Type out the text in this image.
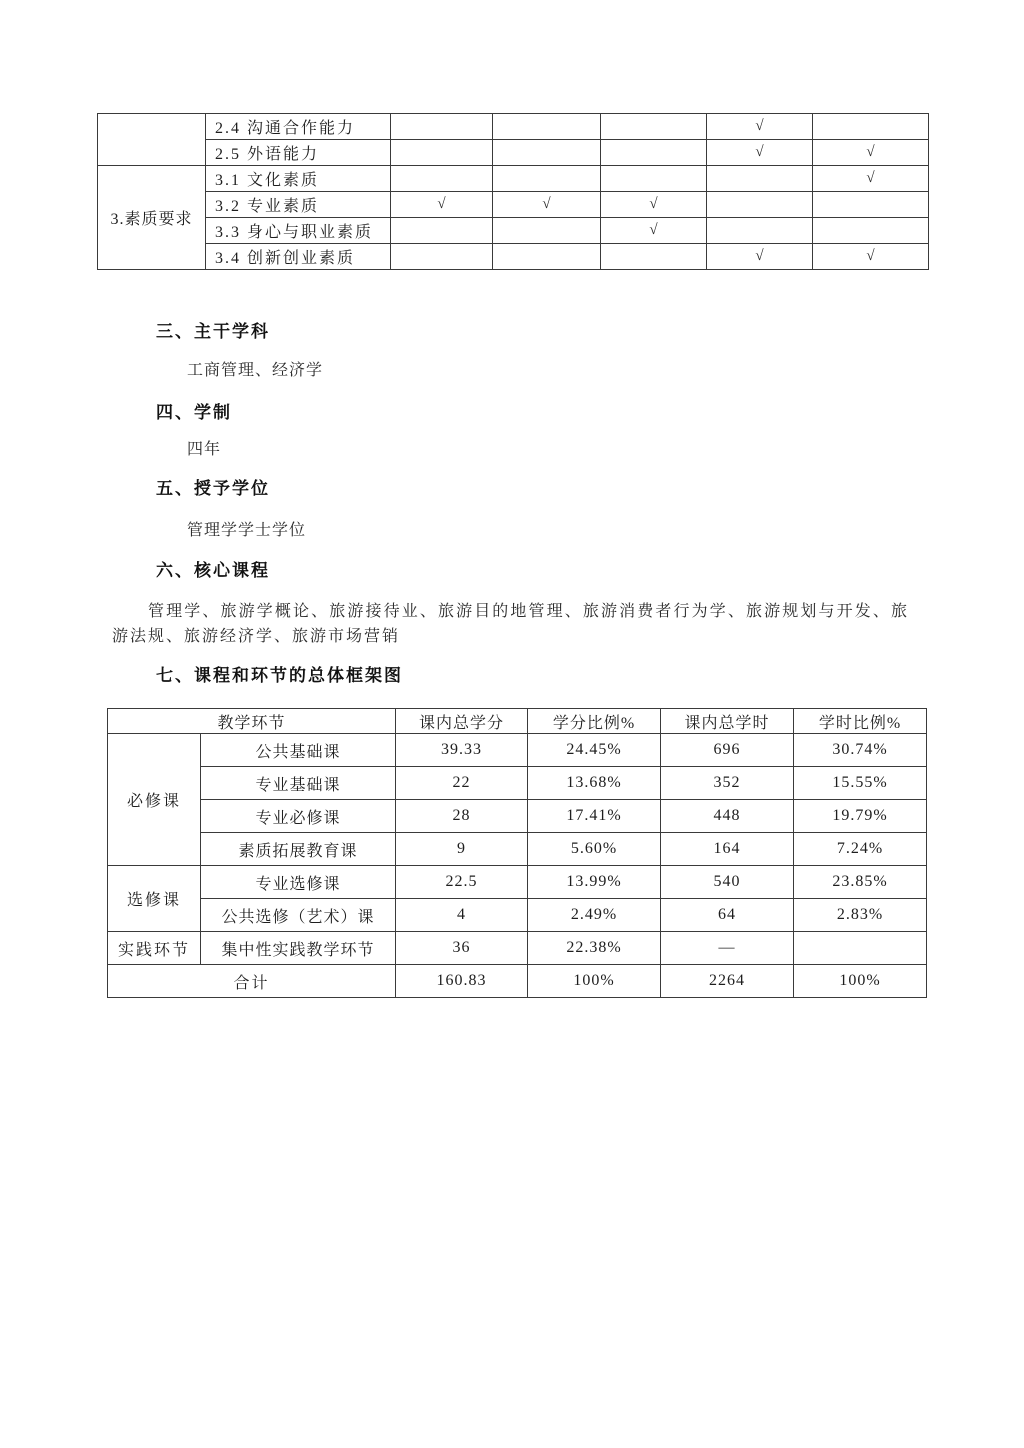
	2.4 沟通合作能力				√	
	2.5 外语能力				√	√
3.素质要求	3.1 文化素质					√
	3.2 专业素质	√	√	√		
	3.3 身心与职业素质			√		
	3.4 创新创业素质				√	√
三、主干学科
工商管理、经济学
四、学制
四年
五、授予学位
管理学学士学位
六、核心课程
管理学、旅游学概论、旅游接待业、旅游目的地管理、旅游消费者行为学、旅游规划与开发、旅游法规、旅游经济学、旅游市场营销
七、课程和环节的总体框架图
教学环节		课内总学分	学分比例%	课内总学时	学时比例%
必修课	公共基础课	39.33	24.45%	696	30.74%
	专业基础课	22	13.68%	352	15.55%
	专业必修课	28	17.41%	448	19.79%
	素质拓展教育课	9	5.60%	164	7.24%
选修课	专业选修课	22.5	13.99%	540	23.85%
	公共选修（艺术）课	4	2.49%	64	2.83%
实践环节	集中性实践教学环节	36	22.38%	—	
合计		160.83	100%	2264	100%
